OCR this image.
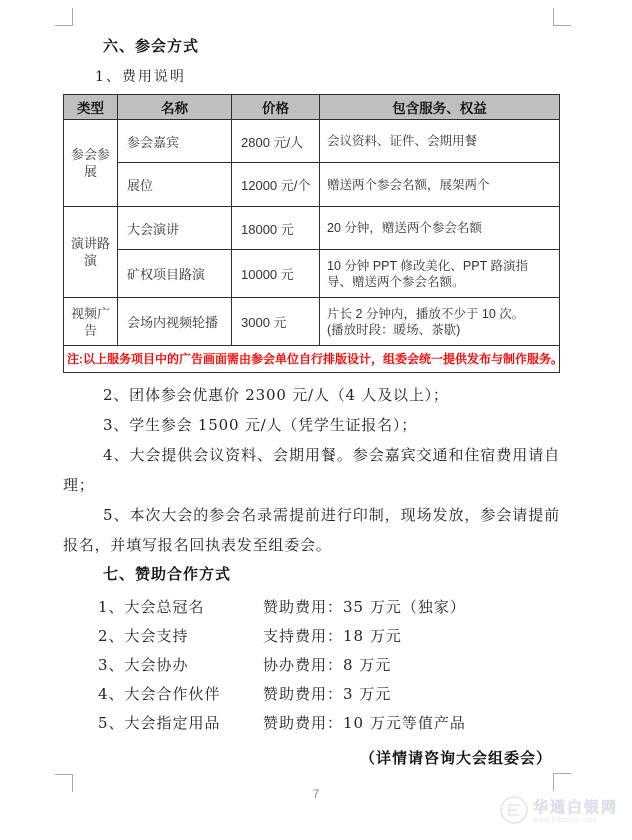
六、参会方式
1、费用说明
类型	名称	价格	包含服务、权益
参会参展	参会嘉宾	2800 元/人	会议资料、证件、会期用餐
	展位	12000 元/个	赠送两个参会名额，展架两个
演讲路演	大会演讲	18000 元	20 分钟，赠送两个参会名额
	矿权项目路演	10000 元	10 分钟 PPT 修改美化、PPT 路演指导、赠送两个参会名额。
视频广告	会场内视频轮播	3000 元	片长 2 分钟内，播放不少于 10 次。
(播放时段：暖场、茶歇)

注:以上服务项目中的广告画面需由参会单位自行排版设计，组委会统一提供发布与制作服务。			

2、团体参会优惠价 2300 元/人（4 人及以上）；

3、学生参会 1500 元/人（凭学生证报名）；

4、大会提供会议资料、会期用餐。参会嘉宾交通和住宿费用请自理；

5、本次大会的参会名录需提前进行印制，现场发放，参会请提前报名，并填写报名回执表发至组委会。

七、赞助合作方式
1、大会总冠名	赞助费用：35 万元（独家）
2、大会支持	支持费用：18 万元
3、大会协办	协办费用：8 万元
4、大会合作伙伴	赞助费用：3 万元
5、大会指定用品	赞助费用：10 万元等值产品
（详情请咨询大会组委会）
7
华通白银网
www.htbaiyin.com
